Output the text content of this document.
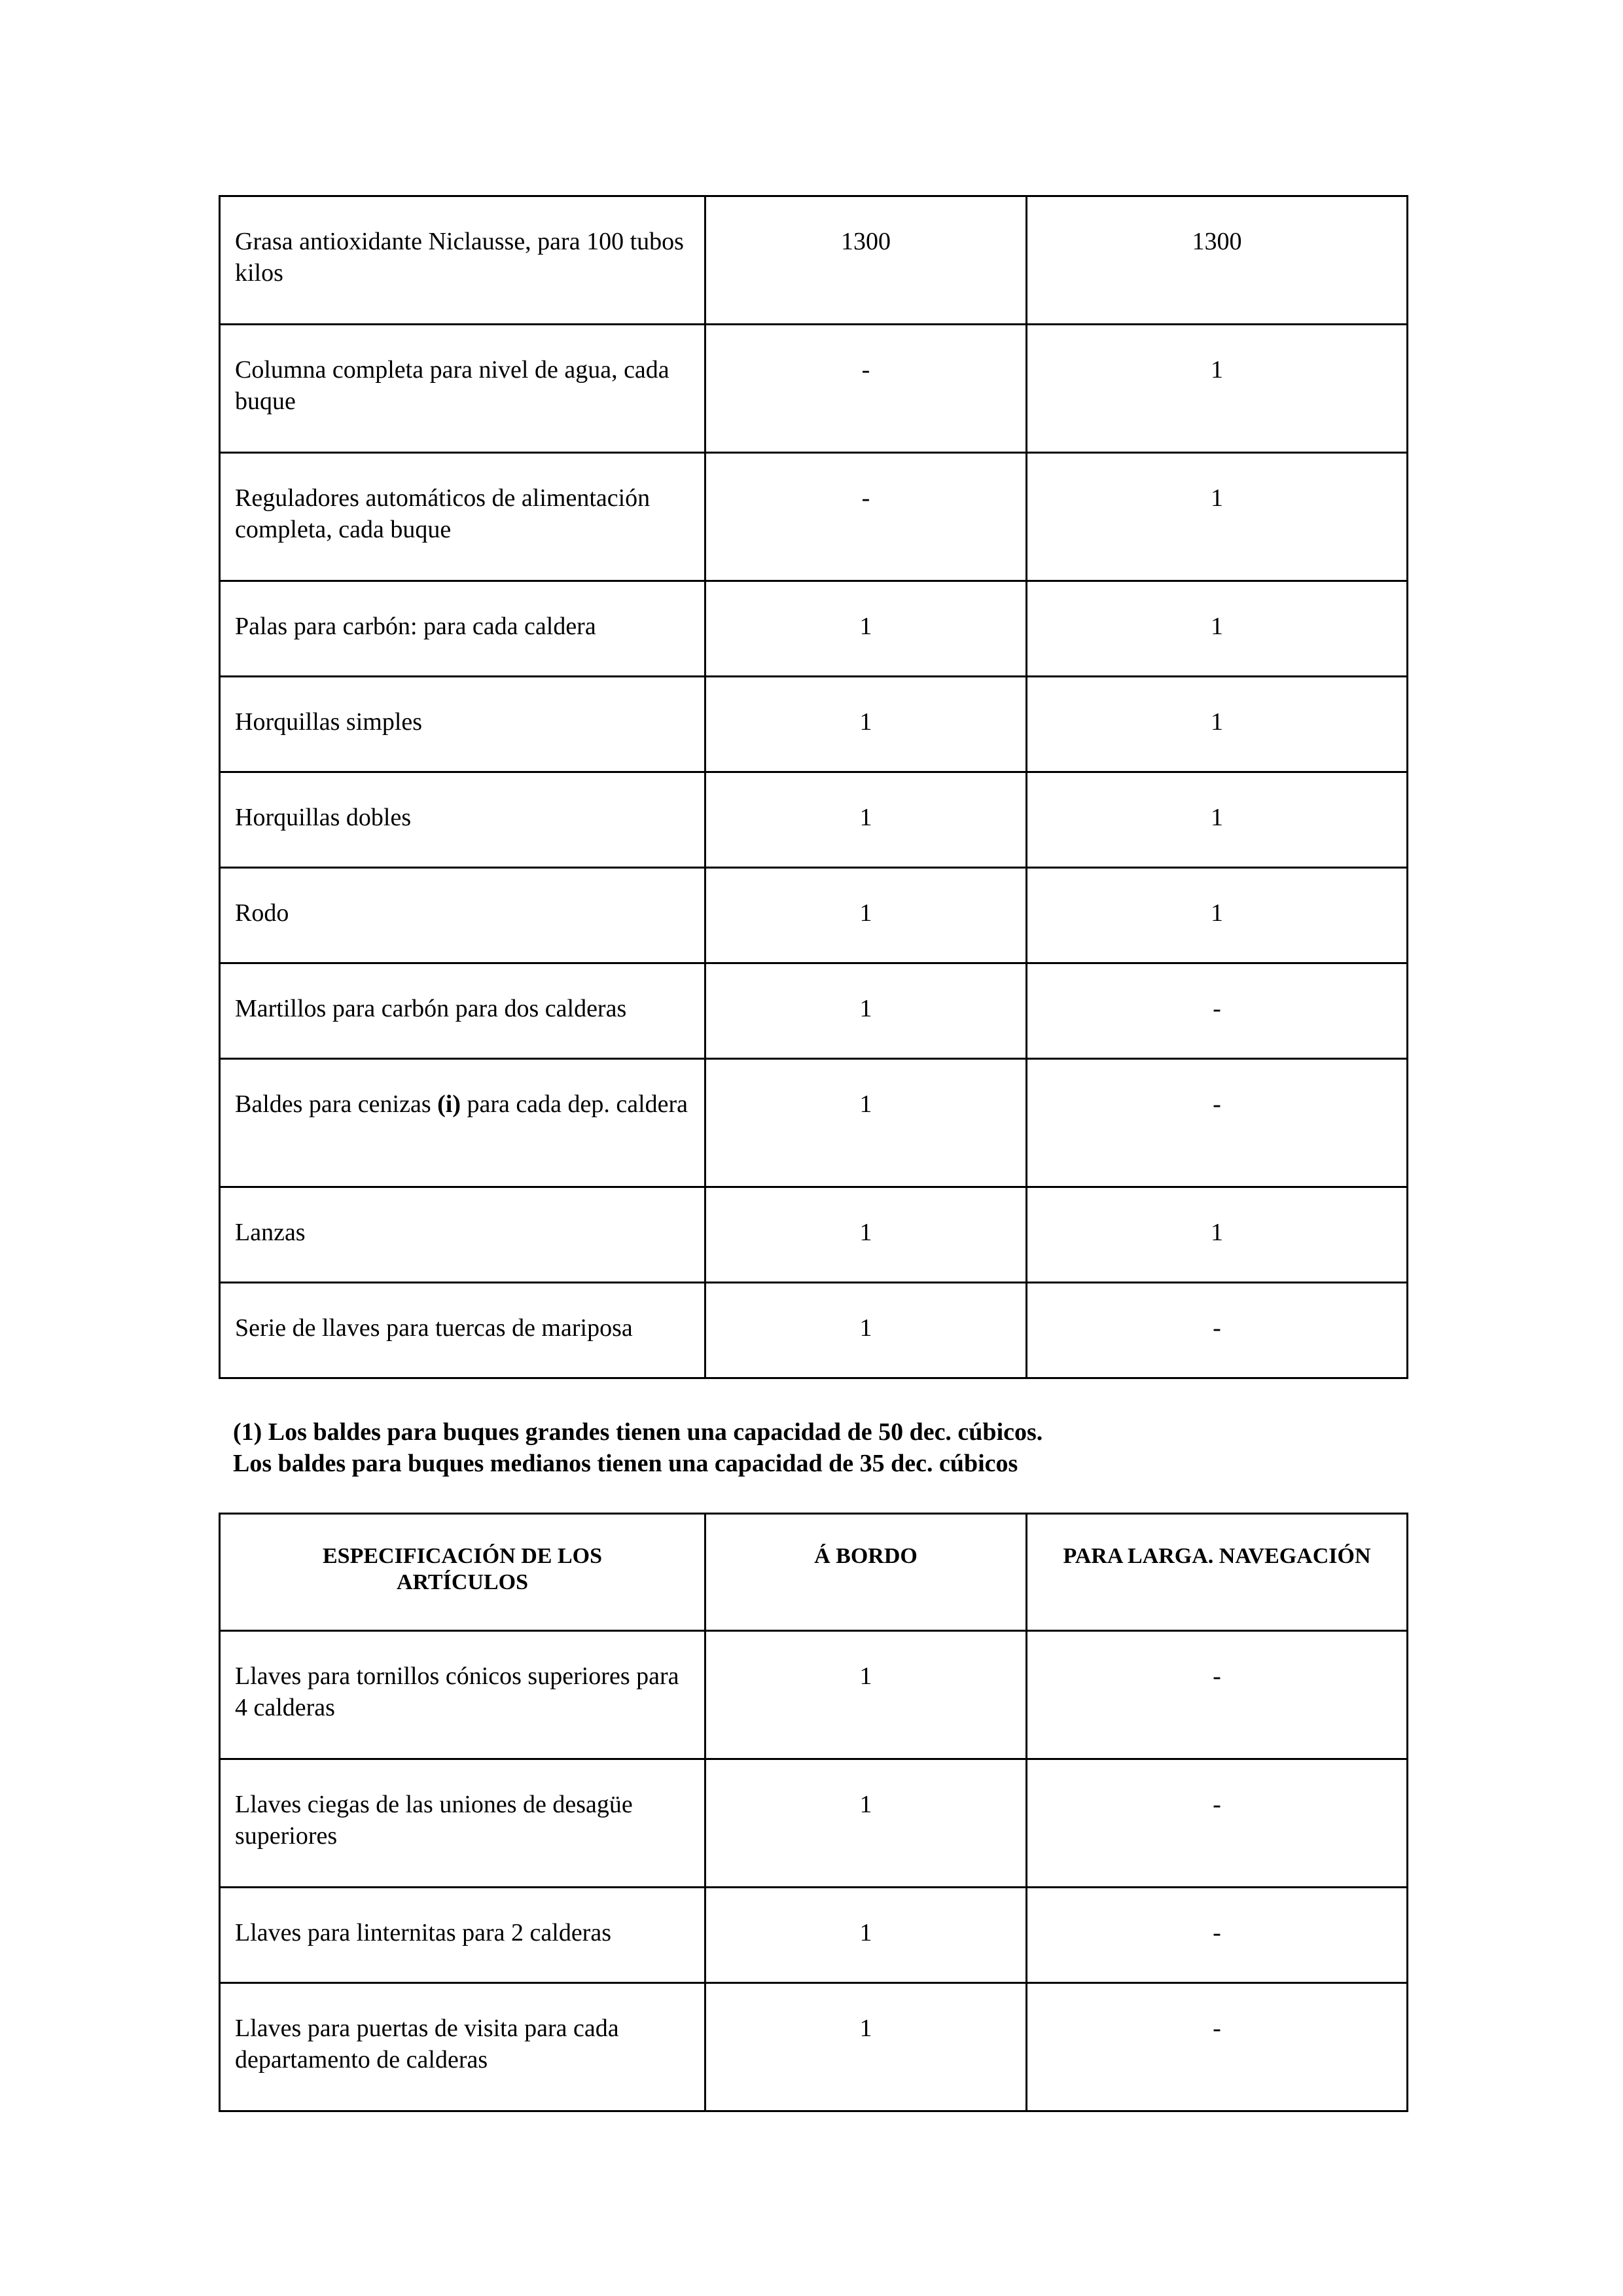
Grasa antioxidante Niclausse, para 100 tubos kilos	1300	1300
Columna completa para nivel de agua, cada buque	-	1
Reguladores automáticos de alimentación completa, cada buque	-	1
Palas para carbón: para cada caldera	1	1
Horquillas simples	1	1
Horquillas dobles	1	1
Rodo	1	1
Martillos para carbón para dos calderas	1	-
Baldes para cenizas (i) para cada dep. caldera	1	-
Lanzas	1	1
Serie de llaves para tuercas de mariposa	1	-
(1) Los baldes para buques grandes tienen una capacidad de 50 dec. cúbicos.
Los baldes para buques medianos tienen una capacidad de 35 dec. cúbicos
ESPECIFICACIÓN DE LOS ARTÍCULOS	Á BORDO	PARA LARGA. NAVEGACIÓN
Llaves para tornillos cónicos superiores para 4 calderas	1	-
Llaves ciegas de las uniones de desagüe superiores	1	-
Llaves para linternitas para 2 calderas	1	-
Llaves para puertas de visita para cada departamento de calderas	1	-
